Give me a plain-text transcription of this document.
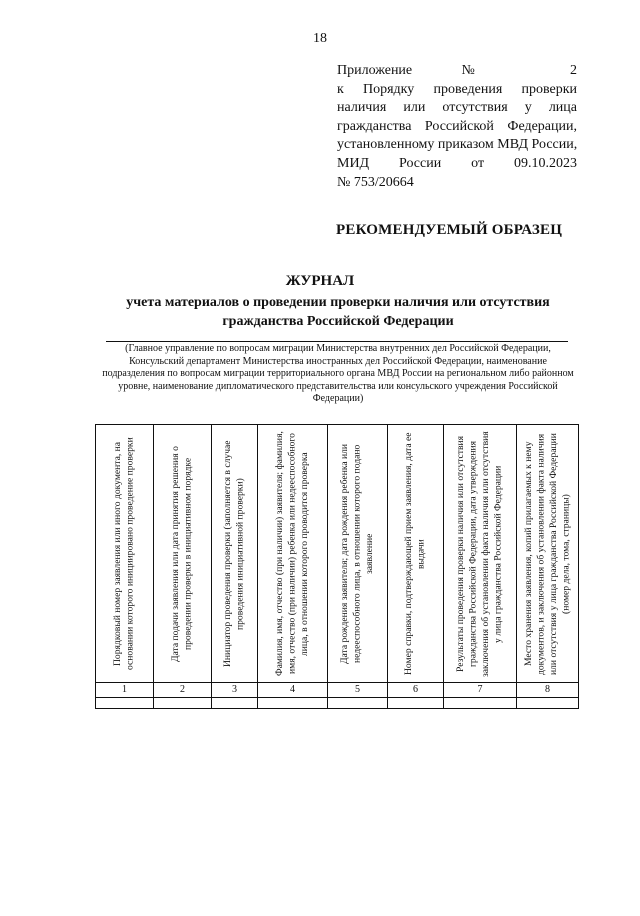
18
Приложение № 2
к Порядку проведения проверки
наличия или отсутствия у лица
гражданства Российской Федерации,
установленному приказом МВД России,
МИД России от 09.10.2023
№ 753/20664
РЕКОМЕНДУЕМЫЙ ОБРАЗЕЦ
ЖУРНАЛ
учета материалов о проведении проверки наличия или отсутствия гражданства Российской Федерации
(Главное управление по вопросам миграции Министерства внутренних дел Российской Федерации, Консульский департамент Министерства иностранных дел Российской Федерации, наименование подразделения по вопросам миграции территориального органа МВД России на региональном либо районном уровне, наименование дипломатического представительства или консульского учреждения Российской Федерации)
Порядковый номер заявления или иного документа, на основании которого инициировано проведение проверки	Дата подачи заявления или дата принятия решения о проведении проверки в инициативном порядке	Инициатор проведения проверки (заполняется в случае проведения инициативной проверки)	Фамилия, имя, отчество (при наличии) заявителя; фамилия, имя, отчество (при наличии) ребенка или недееспособного лица, в отношении которого проводится проверка	Дата рождения заявителя; дата рождения ребенка или недееспособного лица, в отношении которого подано заявление	Номер справки, подтверждающей прием заявления, дата ее выдачи	Результаты проведения проверки наличия или отсутствия гражданства Российской Федерации, дата утверждения заключения об установлении факта наличия или отсутствия у лица гражданства Российской Федерации	Место хранения заявления, копий прилагаемых к нему документов, и заключения об установлении факта наличия или отсутствия у лица гражданства Российской Федерации (номер дела, тома, страницы)

1	2	3	4	5	6	7	8
